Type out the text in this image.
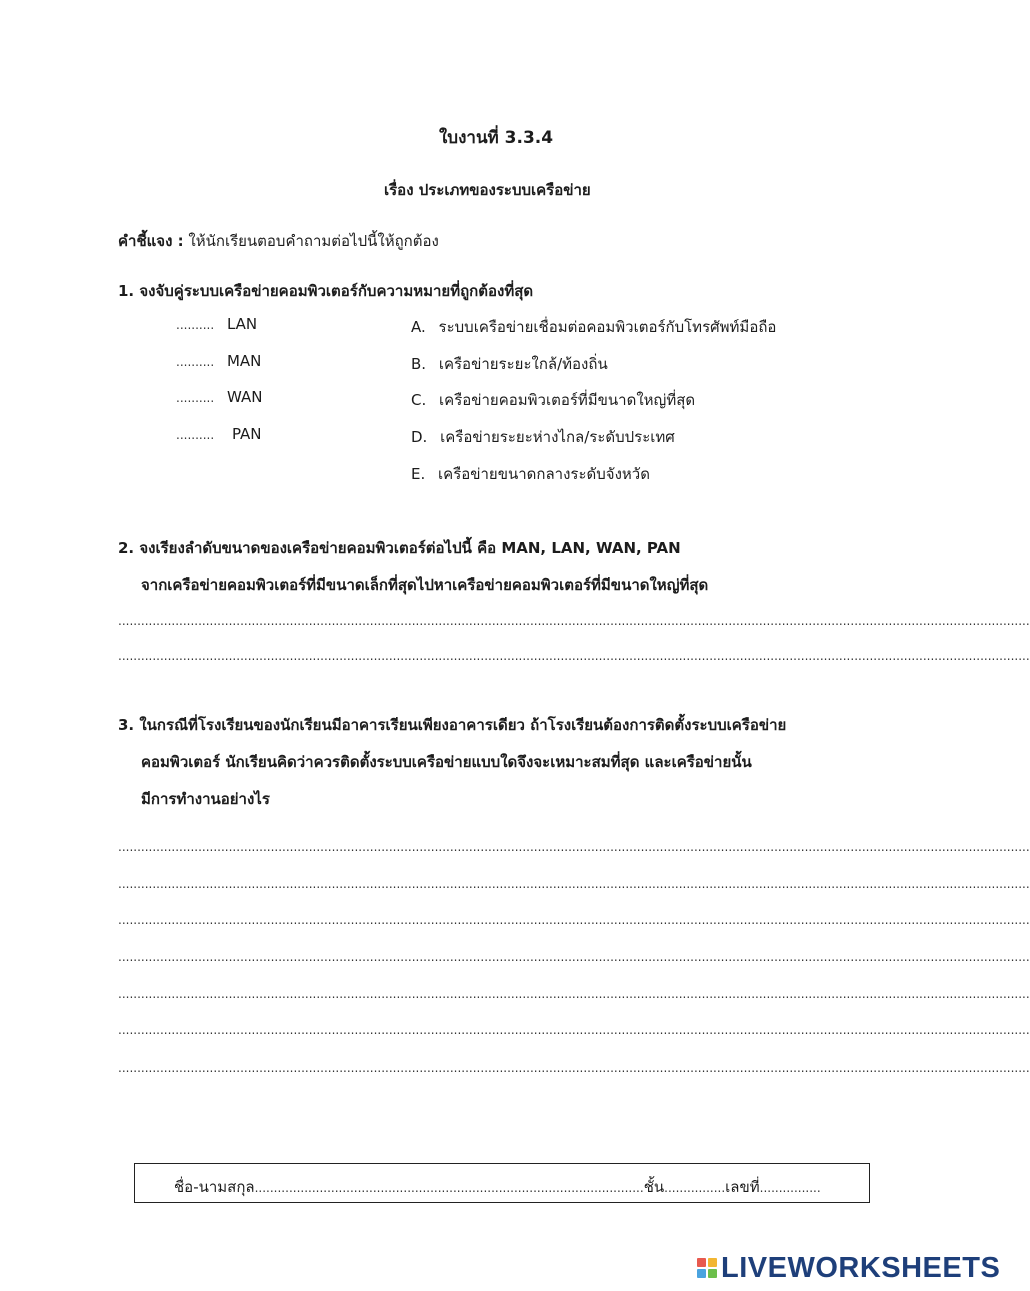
ใบงานที่ 3.3.4
เรื่อง ประเภทของระบบเครือข่าย
คำชี้แจง : ให้นักเรียนตอบคำถามต่อไปนี้ให้ถูกต้อง
1. จงจับคู่ระบบเครือข่ายคอมพิวเตอร์กับความหมายที่ถูกต้องที่สุด
.......... LAN
.......... MAN
.......... WAN
.......... PAN
A. ระบบเครือข่ายเชื่อมต่อคอมพิวเตอร์กับโทรศัพท์มือถือ
B. เครือข่ายระยะใกล้/ท้องถิ่น
C. เครือข่ายคอมพิวเตอร์ที่มีขนาดใหญ่ที่สุด
D. เครือข่ายระยะห่างไกล/ระดับประเทศ
E. เครือข่ายขนาดกลางระดับจังหวัด
2. จงเรียงลำดับขนาดของเครือข่ายคอมพิวเตอร์ต่อไปนี้ คือ MAN, LAN, WAN, PAN
จากเครือข่ายคอมพิวเตอร์ที่มีขนาดเล็กที่สุดไปหาเครือข่ายคอมพิวเตอร์ที่มีขนาดใหญ่ที่สุด
...............................................................................................................................................................................................................................................
...............................................................................................................................................................................................................................................
3. ในกรณีที่โรงเรียนของนักเรียนมีอาคารเรียนเพียงอาคารเดียว ถ้าโรงเรียนต้องการติดตั้งระบบเครือข่าย
คอมพิวเตอร์ นักเรียนคิดว่าควรติดตั้งระบบเครือข่ายแบบใดจึงจะเหมาะสมที่สุด และเครือข่ายนั้น
มีการทำงานอย่างไร
...............................................................................................................................................................................................................................................
...............................................................................................................................................................................................................................................
...............................................................................................................................................................................................................................................
...............................................................................................................................................................................................................................................
...............................................................................................................................................................................................................................................
...............................................................................................................................................................................................................................................
...............................................................................................................................................................................................................................................
ชื่อ-นามสกุล......................................................................................................ชั้น................เลขที่................
LIVEWORKSHEETS
